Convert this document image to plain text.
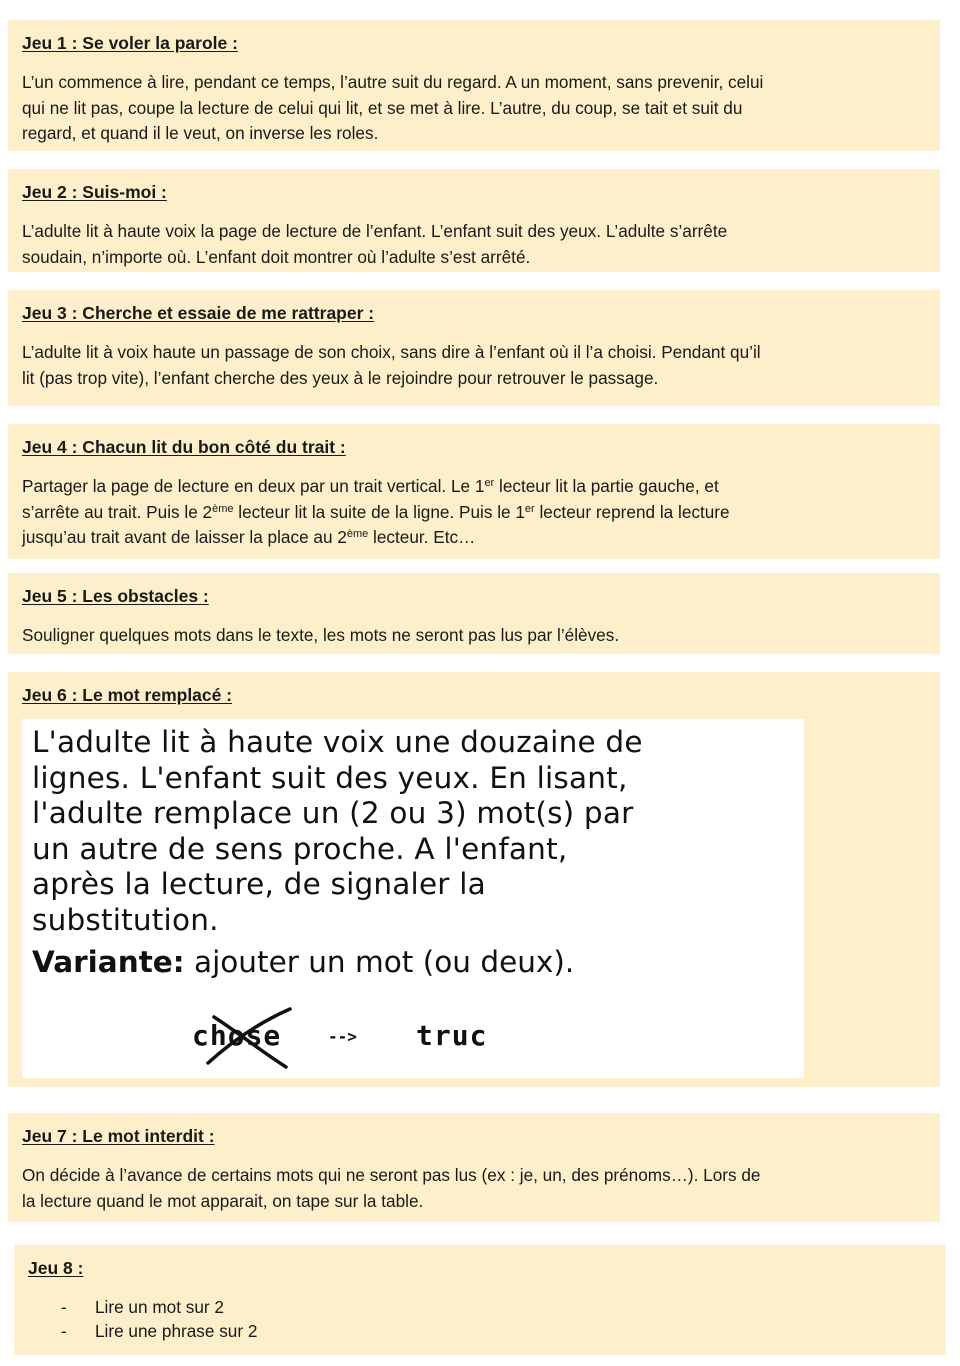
Jeu 1 : Se voler la parole :

L’un commence à lire, pendant ce temps, l’autre suit du regard. A un moment, sans prevenir, celui
qui ne lit pas, coupe la lecture de celui qui lit, et se met à lire. L’autre, du coup, se tait et suit du
regard, et quand il le veut, on inverse les roles.

Jeu 2 : Suis-moi :

L’adulte lit à haute voix la page de lecture de l’enfant. L’enfant suit des yeux. L’adulte s’arrête
soudain, n’importe où. L’enfant doit montrer où l’adulte s’est arrêté.

Jeu 3 : Cherche et essaie de me rattraper :

L’adulte lit à voix haute un passage de son choix, sans dire à l’enfant où il l’a choisi. Pendant qu’il
lit (pas trop vite), l’enfant cherche des yeux à le rejoindre pour retrouver le passage.

Jeu 4 : Chacun lit du bon côté du trait :

Partager la page de lecture en deux par un trait vertical. Le 1er lecteur lit la partie gauche, et
s’arrête au trait. Puis le 2ème lecteur lit la suite de la ligne. Puis le 1er lecteur reprend la lecture
jusqu’au trait avant de laisser la place au 2ème lecteur. Etc…

Jeu 5 : Les obstacles :

Souligner quelques mots dans le texte, les mots ne seront pas lus par l’élèves.

Jeu 6 : Le mot remplacé :

L'adulte lit à haute voix une douzaine de
lignes. L'enfant suit des yeux. En lisant,
l'adulte remplace un (2 ou 3) mot(s) par
un autre de sens proche. A l'enfant,
après la lecture, de signaler la
substitution.

Variante: ajouter un mot (ou deux).

chose	--> truc
Jeu 7 : Le mot interdit :

On décide à l’avance de certains mots qui ne seront pas lus (ex : je, un, des prénoms…). Lors de
la lecture quand le mot apparait, on tape sur la table.

Jeu 8 :
- Lire un mot sur 2
- Lire une phrase sur 2
